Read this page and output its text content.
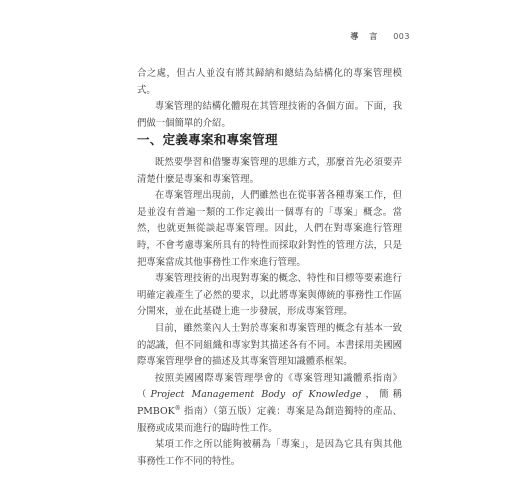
導 言 003

合之處，但古人並沒有將其歸納和總結為結構化的專案管理模式。

專案管理的結構化體現在其管理技術的各個方面。下面，我們做一個簡單的介紹。

一、定義專案和專案管理

既然要學習和借鑒專案管理的思維方式，那麼首先必須要弄清楚什麼是專案和專案管理。

在專案管理出現前，人們雖然也在從事著各種專案工作，但是並沒有普遍一類的工作定義出一個專有的「專案」概念。當然，也就更無從談起專案管理。因此，人們在對專案進行管理時，不會考慮專案所具有的特性而採取針對性的管理方法，只是把專案當成其他事務性工作來進行管理。

專案管理技術的出現對專案的概念、特性和目標等要素進行明確定義產生了必然的要求，以此將專案與傳統的事務性工作區分開來，並在此基礎上進一步發展，形成專案管理。

目前，雖然業內人士對於專案和專案管理的概念有基本一致的認識，但不同組織和專家對其描述各有不同。本書採用美國國際專案管理學會的描述及其專案管理知識體系框架。

按照美國國際專案管理學會的《專案管理知識體系指南》（Project Management Body of Knowledge，簡稱 PMBOK® 指南）（第五版）定義：專案是為創造獨特的產品、服務或成果而進行的臨時性工作。

某項工作之所以能夠被稱為「專案」，是因為它具有與其他事務性工作不同的特性。
